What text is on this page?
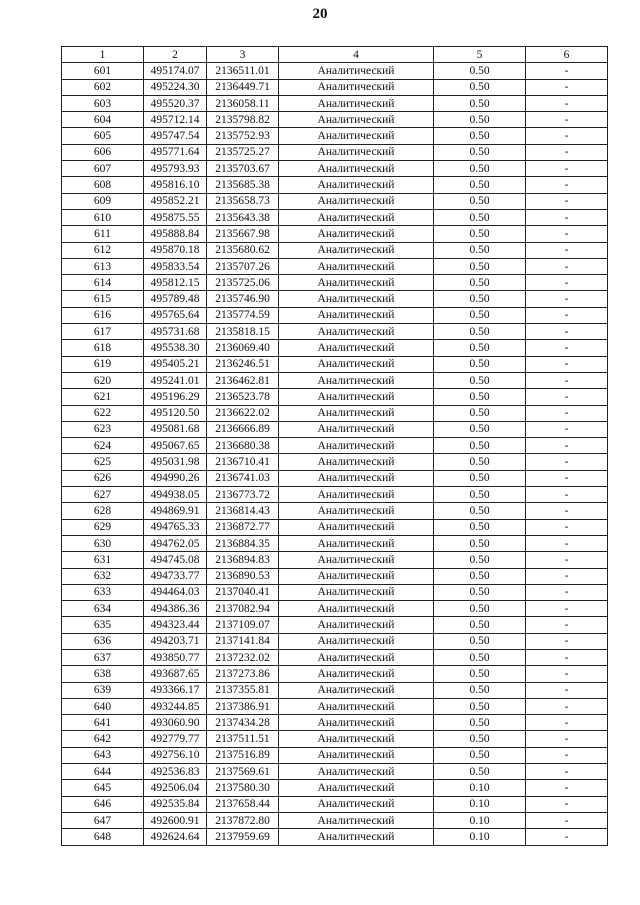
20
1	2	3	4	5	6
601	495174.07	2136511.01	Аналитический	0.50	-
602	495224.30	2136449.71	Аналитический	0.50	-
603	495520.37	2136058.11	Аналитический	0.50	-
604	495712.14	2135798.82	Аналитический	0.50	-
605	495747.54	2135752.93	Аналитический	0.50	-
606	495771.64	2135725.27	Аналитический	0.50	-
607	495793.93	2135703.67	Аналитический	0.50	-
608	495816.10	2135685.38	Аналитический	0.50	-
609	495852.21	2135658.73	Аналитический	0.50	-
610	495875.55	2135643.38	Аналитический	0.50	-
611	495888.84	2135667.98	Аналитический	0.50	-
612	495870.18	2135680.62	Аналитический	0.50	-
613	495833.54	2135707.26	Аналитический	0.50	-
614	495812.15	2135725.06	Аналитический	0.50	-
615	495789.48	2135746.90	Аналитический	0.50	-
616	495765.64	2135774.59	Аналитический	0.50	-
617	495731.68	2135818.15	Аналитический	0.50	-
618	495538.30	2136069.40	Аналитический	0.50	-
619	495405.21	2136246.51	Аналитический	0.50	-
620	495241.01	2136462.81	Аналитический	0.50	-
621	495196.29	2136523.78	Аналитический	0.50	-
622	495120.50	2136622.02	Аналитический	0.50	-
623	495081.68	2136666.89	Аналитический	0.50	-
624	495067.65	2136680.38	Аналитический	0.50	-
625	495031.98	2136710.41	Аналитический	0.50	-
626	494990.26	2136741.03	Аналитический	0.50	-
627	494938.05	2136773.72	Аналитический	0.50	-
628	494869.91	2136814.43	Аналитический	0.50	-
629	494765.33	2136872.77	Аналитический	0.50	-
630	494762.05	2136884.35	Аналитический	0.50	-
631	494745.08	2136894.83	Аналитический	0.50	-
632	494733.77	2136890.53	Аналитический	0.50	-
633	494464.03	2137040.41	Аналитический	0.50	-
634	494386.36	2137082.94	Аналитический	0.50	-
635	494323.44	2137109.07	Аналитический	0.50	-
636	494203.71	2137141.84	Аналитический	0.50	-
637	493850.77	2137232.02	Аналитический	0.50	-
638	493687.65	2137273.86	Аналитический	0.50	-
639	493366.17	2137355.81	Аналитический	0.50	-
640	493244.85	2137386.91	Аналитический	0.50	-
641	493060.90	2137434.28	Аналитический	0.50	-
642	492779.77	2137511.51	Аналитический	0.50	-
643	492756.10	2137516.89	Аналитический	0.50	-
644	492536.83	2137569.61	Аналитический	0.50	-
645	492506.04	2137580.30	Аналитический	0.10	-
646	492535.84	2137658.44	Аналитический	0.10	-
647	492600.91	2137872.80	Аналитический	0.10	-
648	492624.64	2137959.69	Аналитический	0.10	-
